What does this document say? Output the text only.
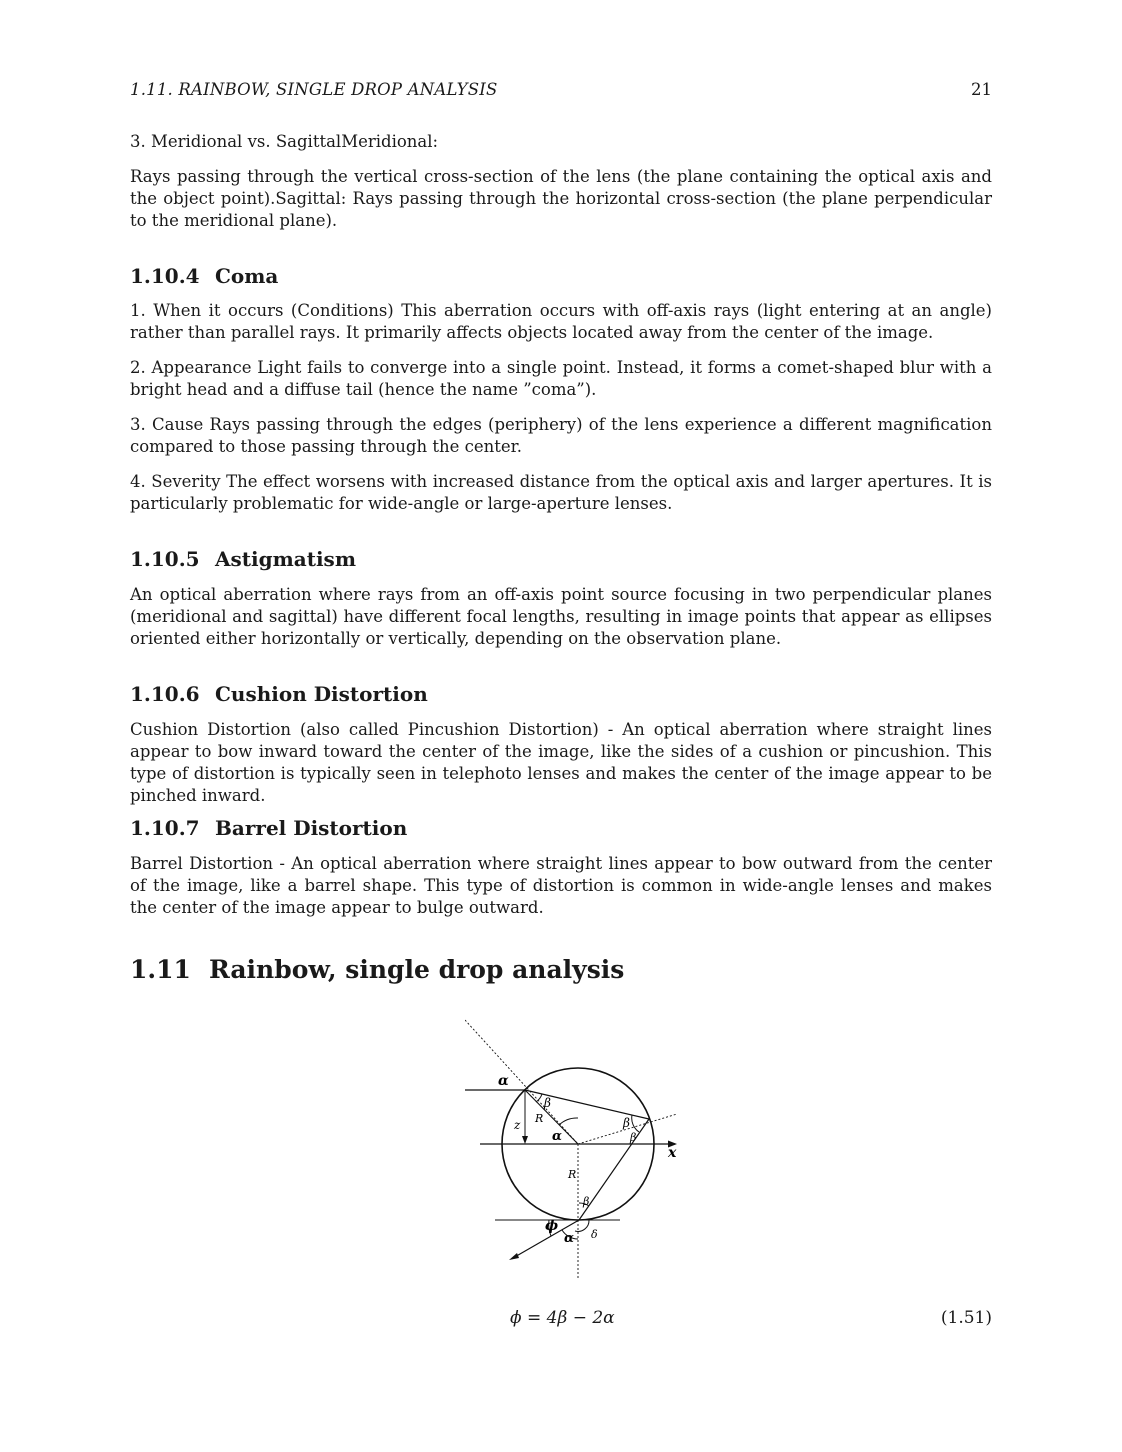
1.11. RAINBOW, SINGLE DROP ANALYSIS	21

3. Meridional vs. SagittalMeridional:

Rays passing through the vertical cross-section of the lens (the plane containing the optical axis and the object point).Sagittal: Rays passing through the horizontal cross-section (the plane perpendicular to the meridional plane).

1.10.4 Coma

1. When it occurs (Conditions) This aberration occurs with off-axis rays (light entering at an angle) rather than parallel rays. It primarily affects objects located away from the center of the image.

2. Appearance Light fails to converge into a single point. Instead, it forms a comet-shaped blur with a bright head and a diffuse tail (hence the name ”coma”).

3. Cause Rays passing through the edges (periphery) of the lens experience a different magnification compared to those passing through the center.

4. Severity The effect worsens with increased distance from the optical axis and larger apertures. It is particularly problematic for wide-angle or large-aperture lenses.

1.10.5 Astigmatism

An optical aberration where rays from an off-axis point source focusing in two perpendicular planes (meridional and sagittal) have different focal lengths, resulting in image points that appear as ellipses oriented either horizontally or vertically, depending on the observation plane.

1.10.6 Cushion Distortion

Cushion Distortion (also called Pincushion Distortion) - An optical aberration where straight lines appear to bow inward toward the center of the image, like the sides of a cushion or pincushion. This type of distortion is typically seen in telephoto lenses and makes the center of the image appear to be pinched inward.

1.10.7 Barrel Distortion

Barrel Distortion - An optical aberration where straight lines appear to bow outward from the center of the image, like a barrel shape. This type of distortion is common in wide-angle lenses and makes the center of the image appear to bulge outward.

1.11 Rainbow, single drop analysis
α
β
R
z
α
β
β
x
R
β
ϕ
α δ
ϕ = 4β − 2α	(1.51)
